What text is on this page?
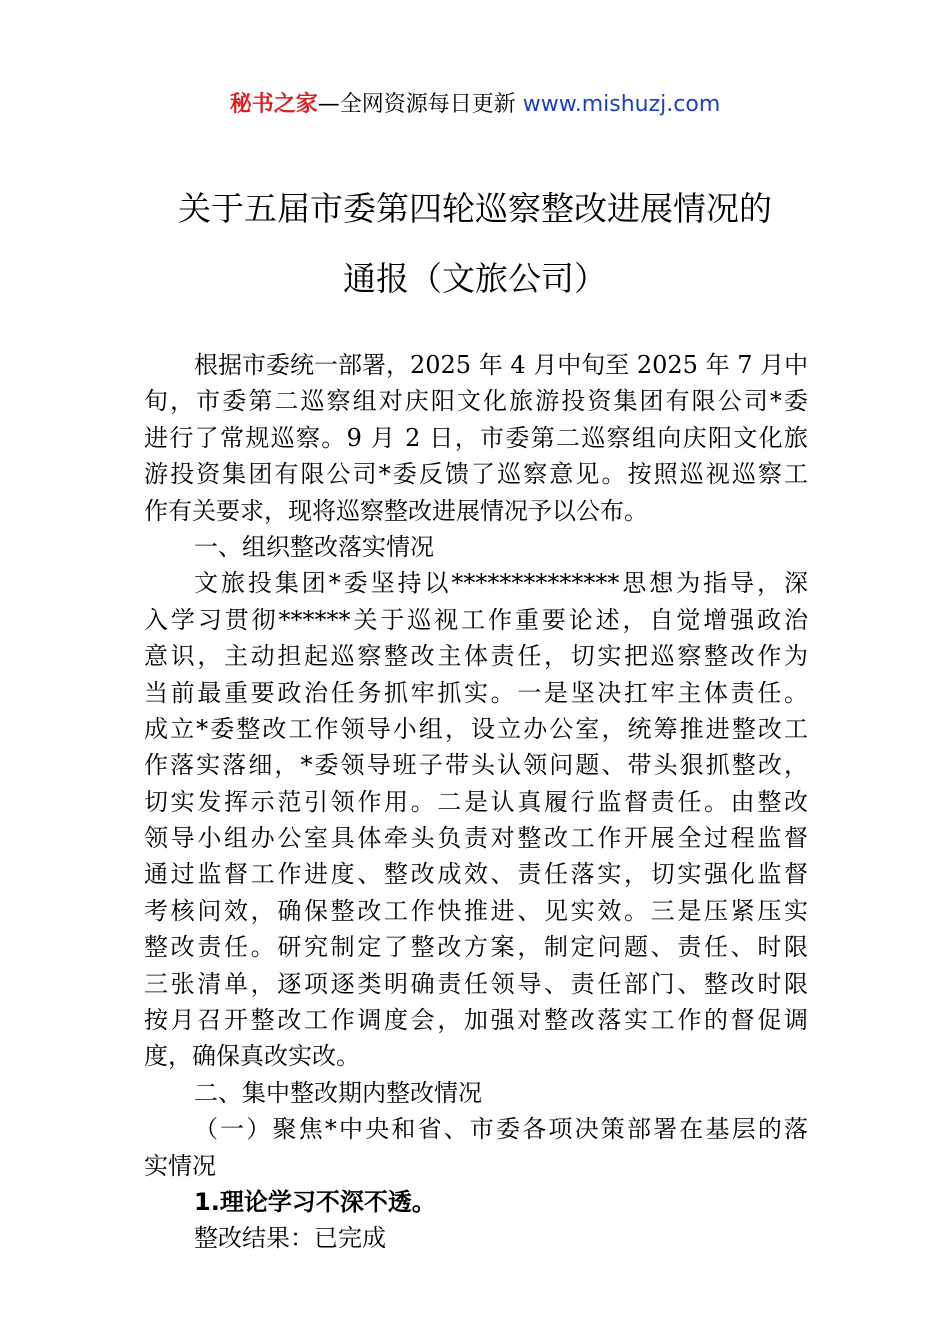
秘书之家—全网资源每日更新 www.mishuzj.com
关于五届市委第四轮巡察整改进展情况的
通报（文旅公司）
根据市委统一部署，2025 年 4 月中旬至 2025 年 7 月中
旬，市委第二巡察组对庆阳文化旅游投资集团有限公司*委
进行了常规巡察。9 月 2 日，市委第二巡察组向庆阳文化旅
游投资集团有限公司*委反馈了巡察意见。按照巡视巡察工
作有关要求，现将巡察整改进展情况予以公布。
一、组织整改落实情况
文旅投集团*委坚持以**************思想为指导，深
入学习贯彻******关于巡视工作重要论述，自觉增强政治
意识，主动担起巡察整改主体责任，切实把巡察整改作为
当前最重要政治任务抓牢抓实。一是坚决扛牢主体责任。
成立*委整改工作领导小组，设立办公室，统筹推进整改工
作落实落细，*委领导班子带头认领问题、带头狠抓整改，
切实发挥示范引领作用。二是认真履行监督责任。由整改
领导小组办公室具体牵头负责对整改工作开展全过程监督
通过监督工作进度、整改成效、责任落实，切实强化监督
考核问效，确保整改工作快推进、见实效。三是压紧压实
整改责任。研究制定了整改方案，制定问题、责任、时限
三张清单，逐项逐类明确责任领导、责任部门、整改时限
按月召开整改工作调度会，加强对整改落实工作的督促调
度，确保真改实改。
二、集中整改期内整改情况
（一）聚焦*中央和省、市委各项决策部署在基层的落
实情况
1.理论学习不深不透。
整改结果：已完成
